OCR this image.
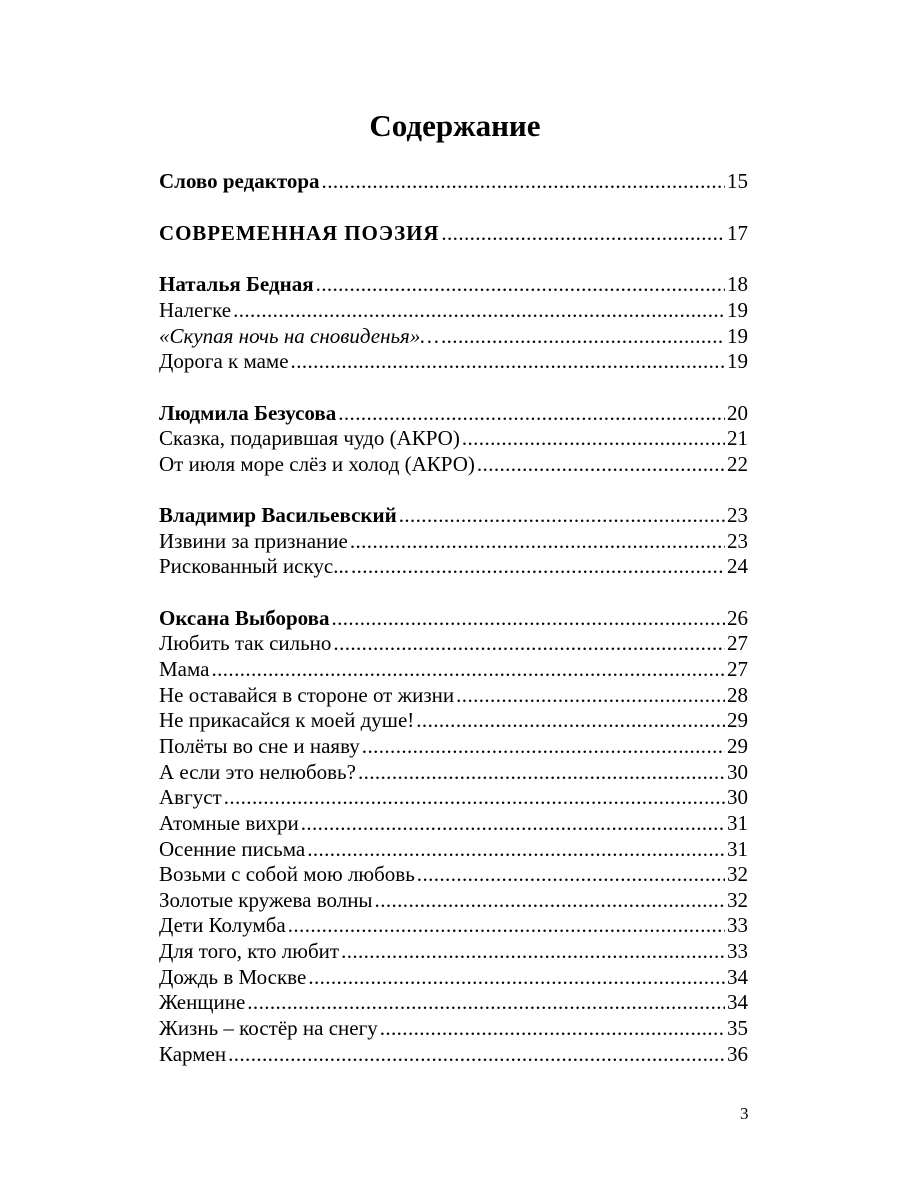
Содержание
Слово редактора .....	15
СОВРЕМЕННАЯ ПОЭЗИЯ .....	17
Наталья Бедная .....	18
Налегке .....	19
«Скупая ночь на сновиденья»… .....	19
Дорога к маме .....	19
Людмила Безусова .....	20
Сказка, подарившая чудо (АКРО) .....	21
От июля море слёз и холод (АКРО) .....	22
Владимир Васильевский .....	23
Извини за признание .....	23
Рискованный искус... .....	24
Оксана Выборова .....	26
Любить так сильно .....	27
Мама .....	27
Не оставайся в стороне от жизни .....	28
Не прикасайся к моей душе! .....	29
Полёты во сне и наяву .....	29
А если это нелюбовь? .....	30
Август .....	30
Атомные вихри .....	31
Осенние письма .....	31
Возьми с собой мою любовь .....	32
Золотые кружева волны .....	32
Дети Колумба .....	33
Для того, кто любит .....	33
Дождь в Москве .....	34
Женщине .....	34
Жизнь – костёр на снегу .....	35
Кармен .....	36
3
